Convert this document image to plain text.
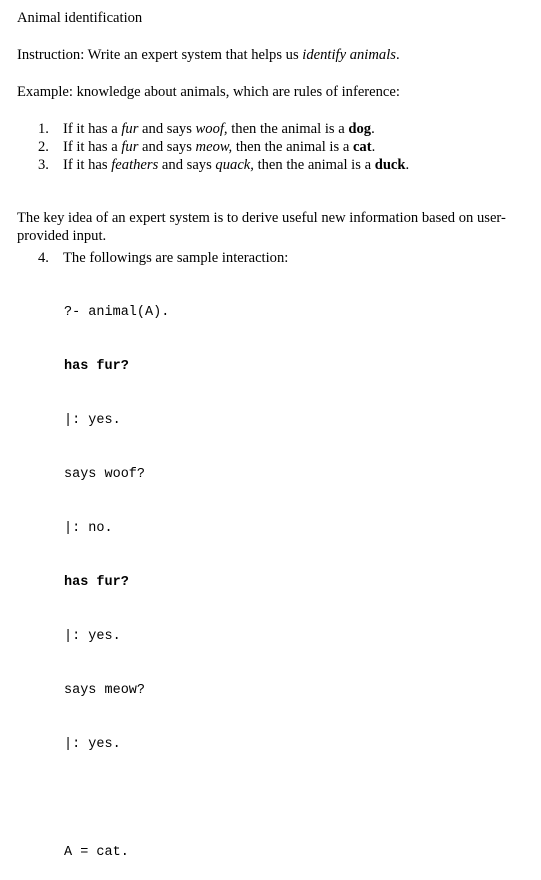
Animal identification

Instruction: Write an expert system that helps us identify animals.

Example: knowledge about animals, which are rules of inference:

1. If it has a fur and says woof, then the animal is a dog.
2. If it has a fur and says meow, then the animal is a cat.
3. If it has feathers and says quack, then the animal is a duck.

The key idea of an expert system is to derive useful new information based on user-provided input.

4. The followings are sample interaction:

?- animal(A).

has fur?

|: yes.

says woof?

|: no.

has fur?

|: yes.

says meow?

|: yes.

A = cat.
